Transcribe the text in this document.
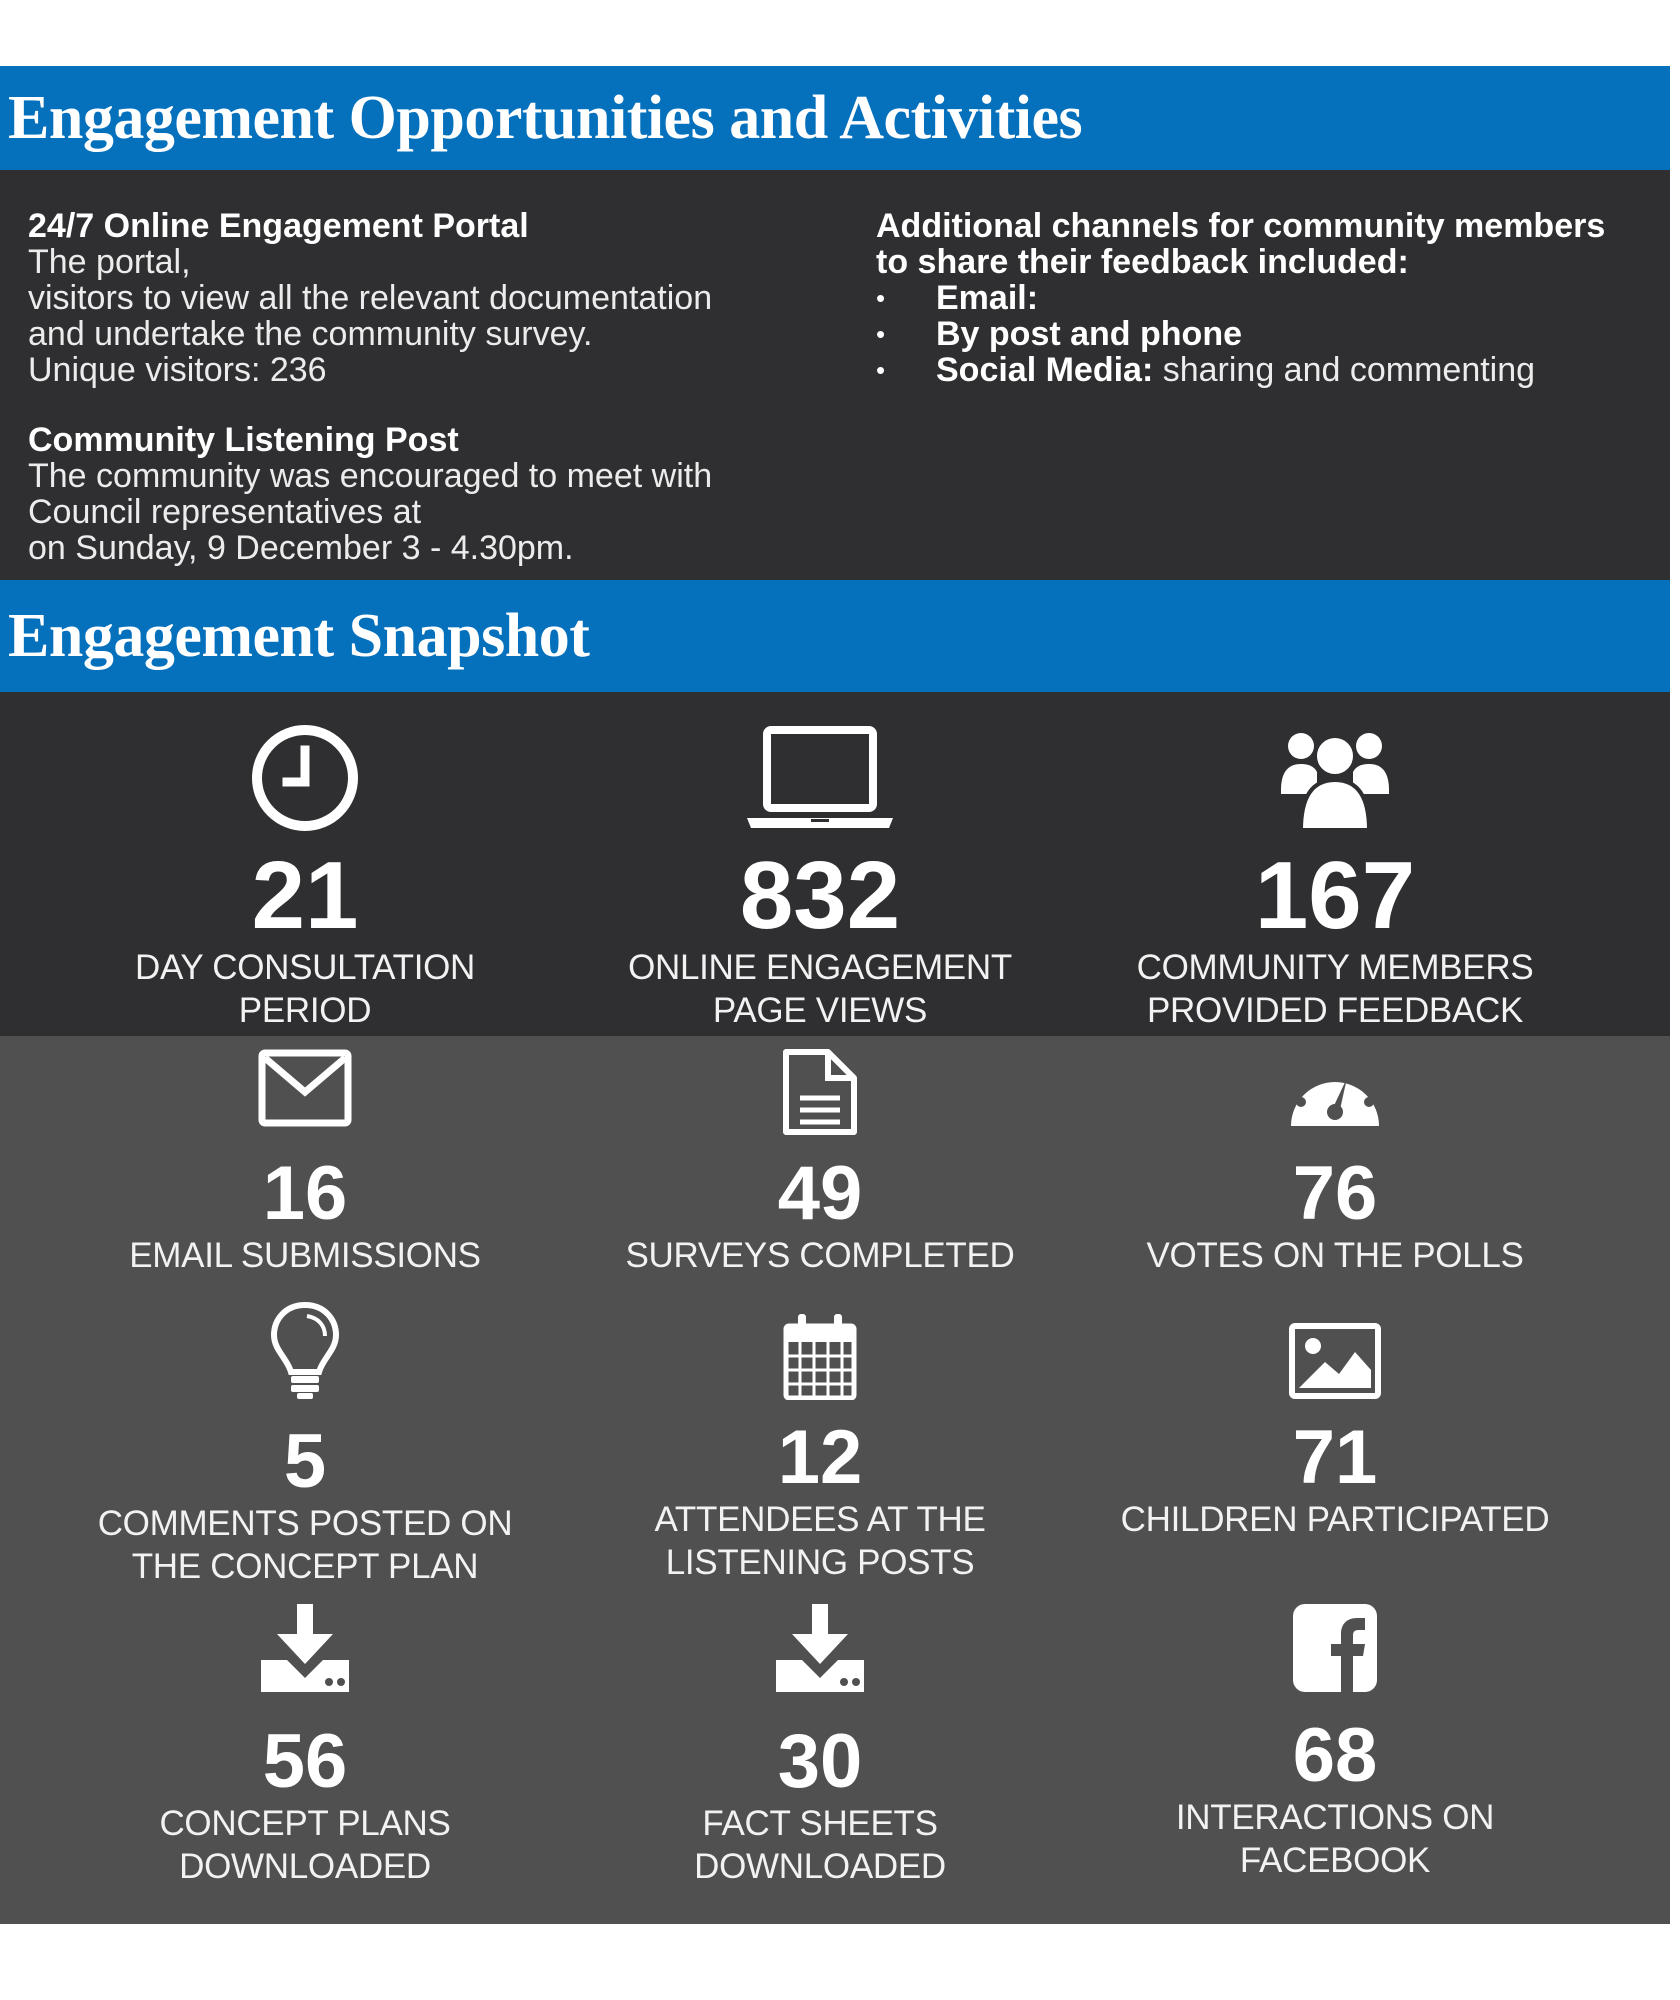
Engagement Opportunities and Activities
24/7 Online Engagement Portal
The portal,
visitors to view all the relevant documentation
and undertake the community survey.
Unique visitors: 236
Community Listening Post
The community was encouraged to meet with
Council representatives at
on Sunday, 9 December 3 - 4.30pm.
Additional channels for community members
to share their feedback included:
• Email:
• By post and phone
• Social Media: sharing and commenting
Engagement Snapshot
21
DAY CONSULTATION
PERIOD
832
ONLINE ENGAGEMENT
PAGE VIEWS
167
COMMUNITY MEMBERS
PROVIDED FEEDBACK
16
EMAIL SUBMISSIONS
49
SURVEYS COMPLETED
76
VOTES ON THE POLLS
5
COMMENTS POSTED ON
THE CONCEPT PLAN
12
ATTENDEES AT THE
LISTENING POSTS
71
CHILDREN PARTICIPATED
56
CONCEPT PLANS
DOWNLOADED
30
FACT SHEETS
DOWNLOADED
68
INTERACTIONS ON
FACEBOOK
